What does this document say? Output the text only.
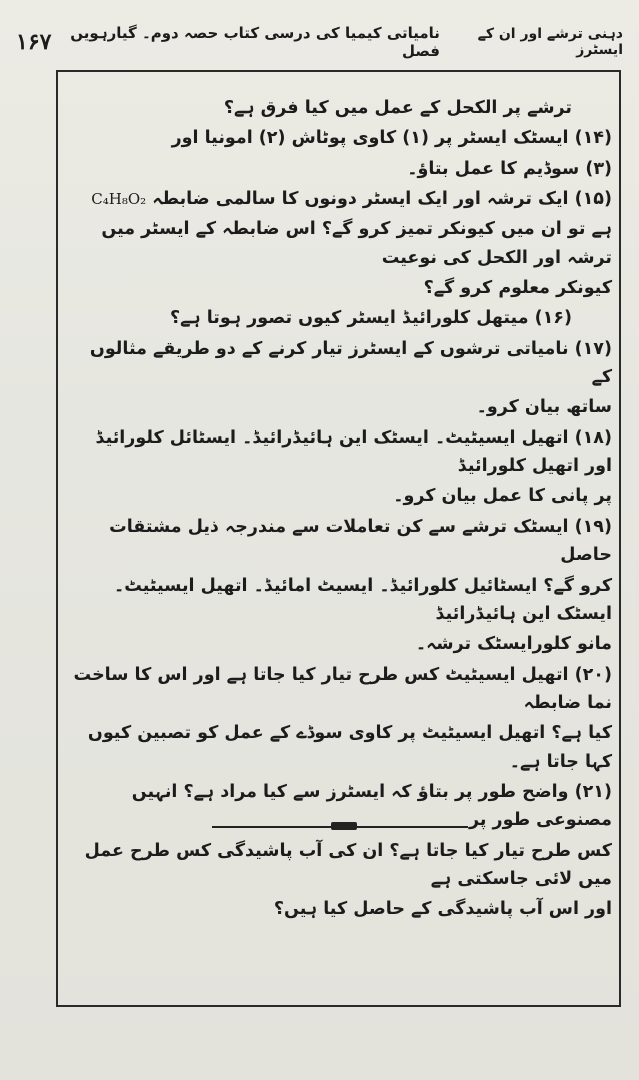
نامیاتی کیمیا کی درسی کتاب حصہ دوم۔ گیارہویں فصل
۱۶۷	دہنی ترشے اور ان کے ایسٹرز

ترشے پر الکحل کے عمل میں کیا فرق ہے؟

(۱۴) ایسٹک ایسٹر پر (۱) کاوی پوٹاش (۲) امونیا اور

(۳) سوڈیم کا عمل بتاؤ۔

(۱۵) ایک ترشہ اور ایک ایسٹر دونوں کا سالمی ضابطہ C₄H₈O₂

ہے تو ان میں کیونکر تمیز کرو گے؟ اس ضابطہ کے ایسٹر میں ترشہ اور الکحل کی نوعیت

کیونکر معلوم کرو گے؟

(۱۶) میتھل کلورائیڈ ایسٹر کیوں تصور ہوتا ہے؟

(۱۷) نامیاتی ترشوں کے ایسٹرز تیار کرنے کے دو طریقے مثالوں کے

ساتھ بیان کرو۔

(۱۸) اتھیل ایسیٹیٹ۔ ایسٹک این ہائیڈرائیڈ۔ ایسٹائل کلورائیڈ اور اتھیل کلورائیڈ

پر پانی کا عمل بیان کرو۔

(۱۹) ایسٹک ترشے سے کن تعاملات سے مندرجہ ذیل مشتقات حاصل

کرو گے؟ ایسٹائیل کلورائیڈ۔ ایسیٹ امائیڈ۔ اتھیل ایسیٹیٹ۔ ایسٹک این ہائیڈرائیڈ

مانو کلورایسٹک ترشہ۔

(۲۰) اتھیل ایسیٹیٹ کس طرح تیار کیا جاتا ہے اور اس کا ساخت نما ضابطہ

کیا ہے؟ اتھیل ایسیٹیٹ پر کاوی سوڈے کے عمل کو تصبین کیوں کہا جاتا ہے۔

(۲۱) واضح طور پر بتاؤ کہ ایسٹرز سے کیا مراد ہے؟ انہیں مصنوعی طور پر

کس طرح تیار کیا جاتا ہے؟ ان کی آب پاشیدگی کس طرح عمل میں لائی جاسکتی ہے

اور اس آب پاشیدگی کے حاصل کیا ہیں؟
